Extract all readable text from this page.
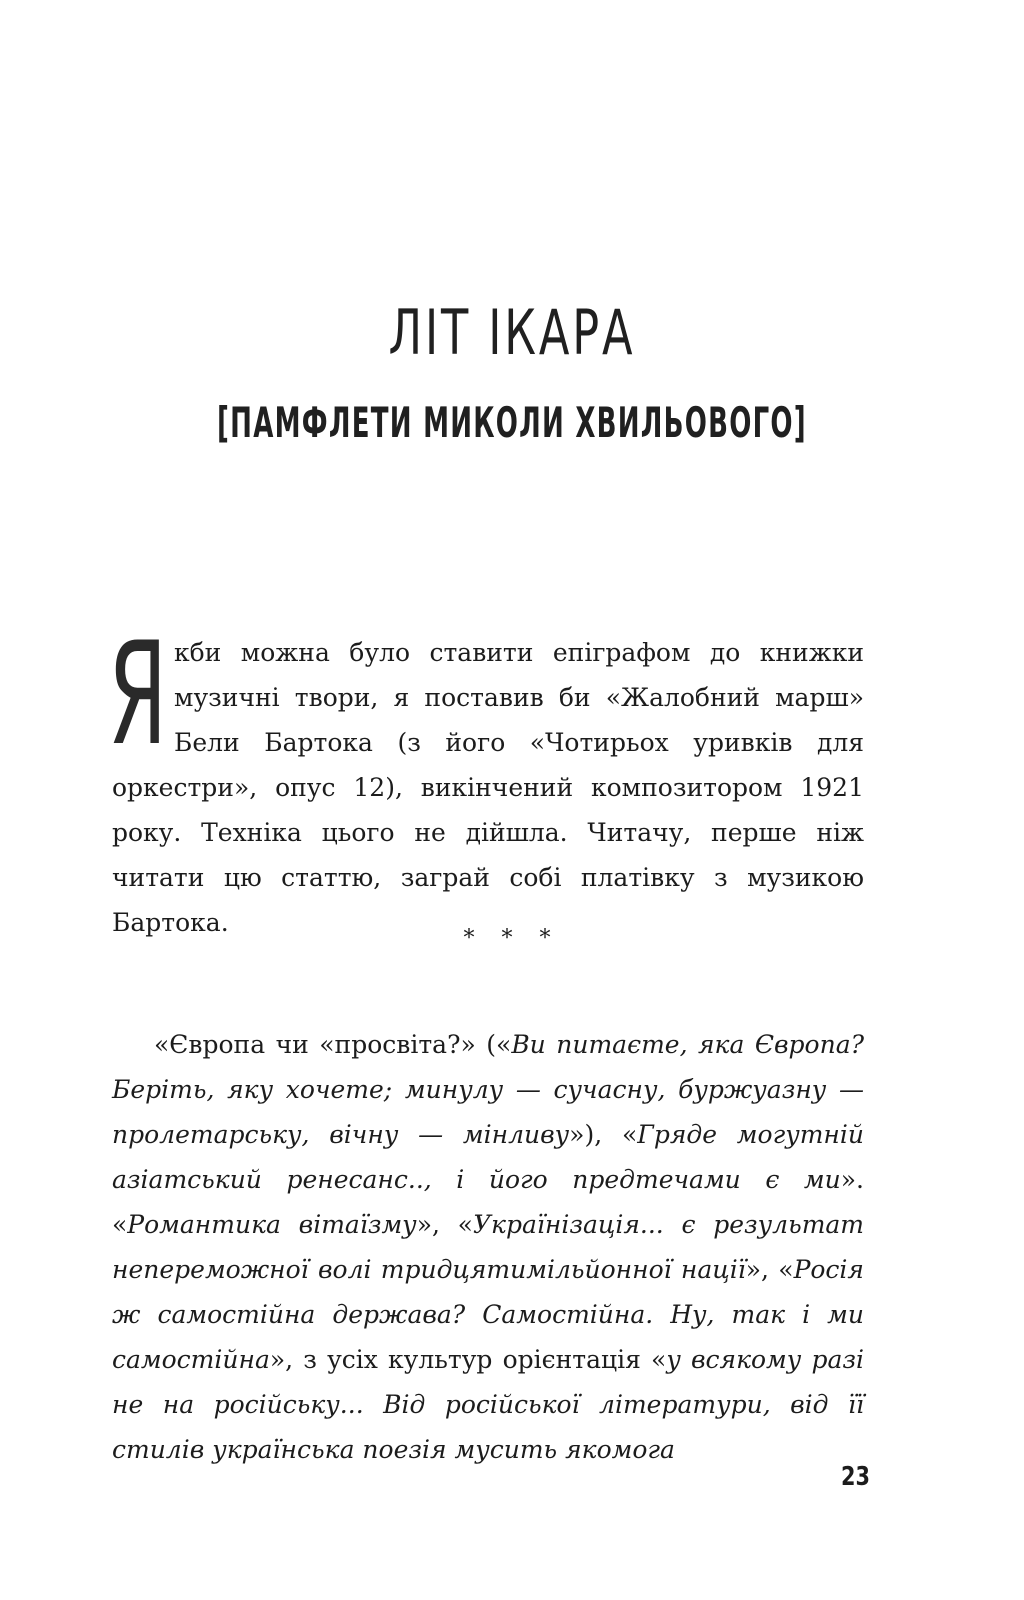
ЛІТ ІКАРА
[ПАМФЛЕТИ МИКОЛИ ХВИЛЬОВОГО]
Якби можна було ставити епіграфом до книжки музичні твори, я поставив би «Жалобний марш» Бели Бартока (з його «Чотирьох уривків для оркестри», опус 12), викінчений композитором 1921 року. Техніка цього не дійшла. Читачу, перше ніж читати цю статтю, заграй собі платівку з музикою Бартока.
* * *
«Європа чи «просвіта?» («Ви питаєте, яка Європа? Беріть, яку хочете; минулу — сучасну, буржуазну — пролетарську, вічну — мінливу»), «Гряде могутній азіатський ренесанс.., і його предтечами є ми». «Романтика вітаїзму», «Українізація... є результат непереможної волі тридцятимільйонної нації», «Росія ж самостійна держава? Самостійна. Ну, так і ми самостійна», з усіх культур орієнтація «у всякому разі не на російську... Від російської літератури, від її стилів українська поезія мусить якомога
23
